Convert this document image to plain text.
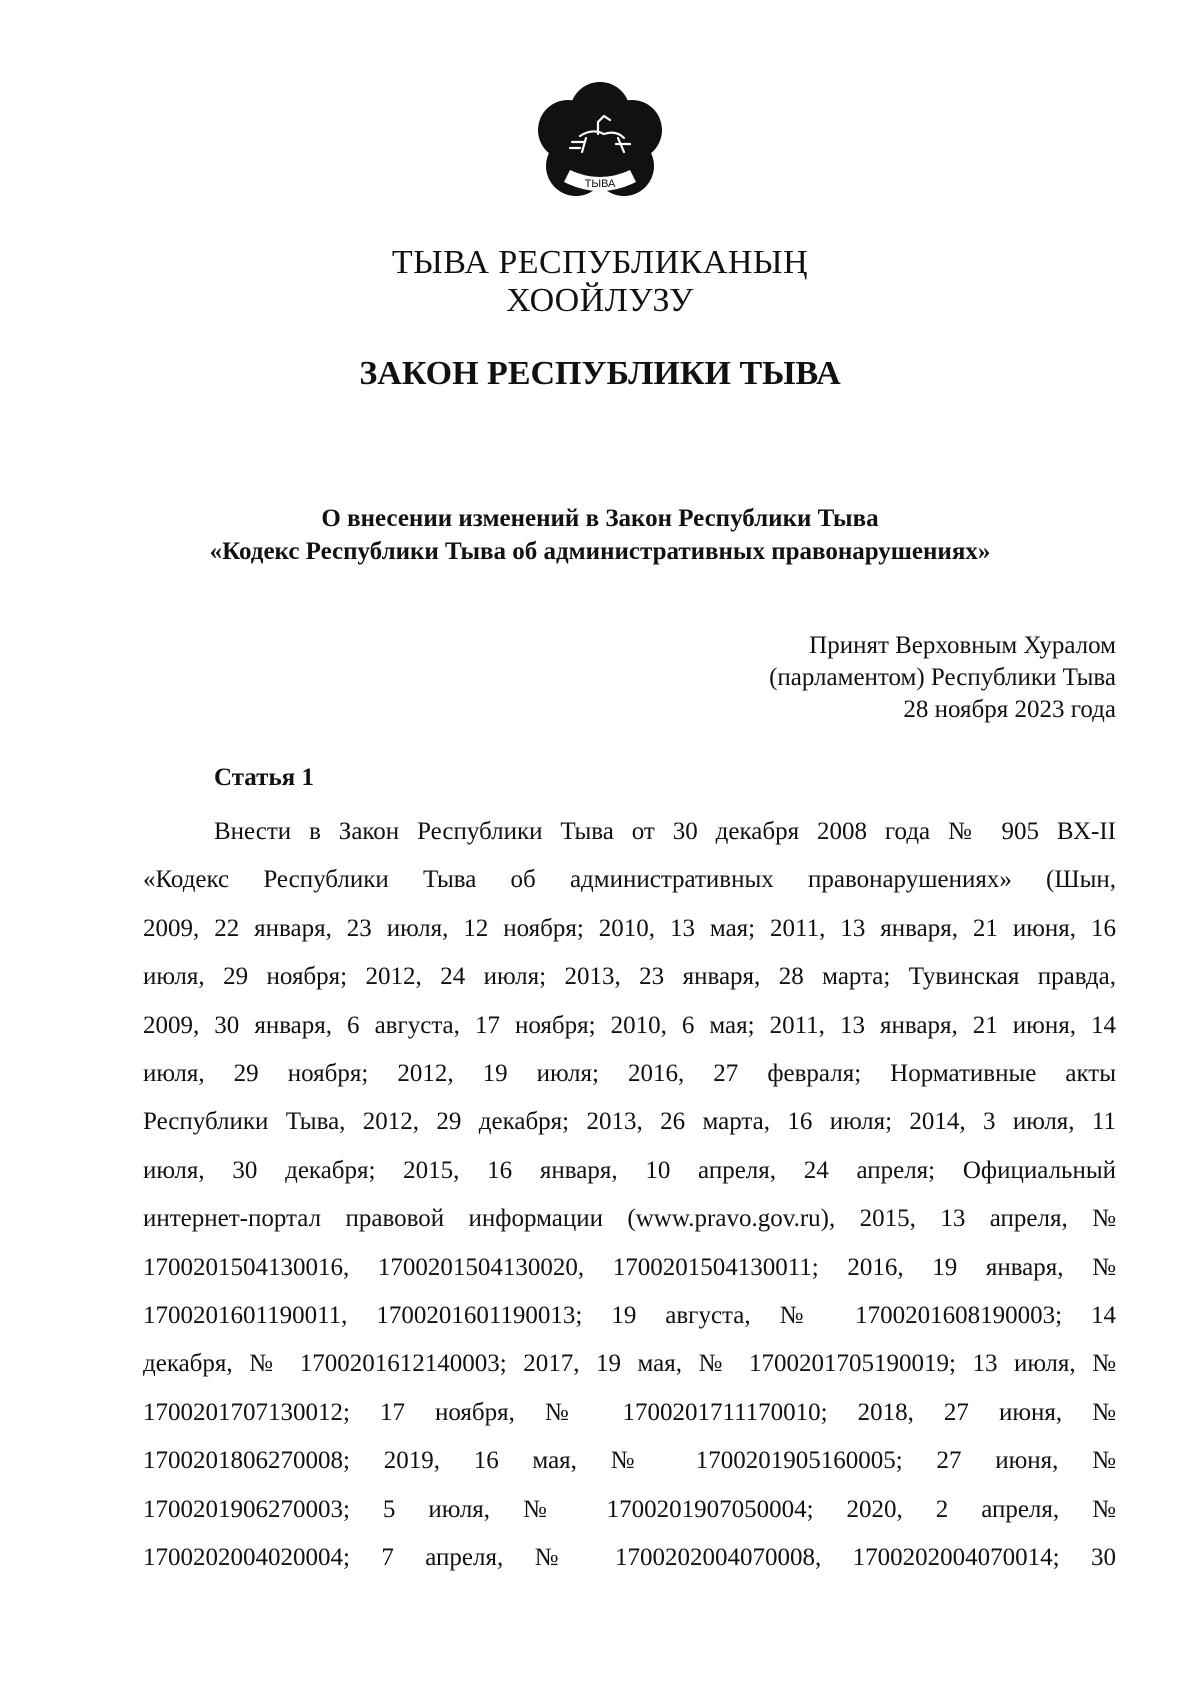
ТЫВА
ТЫВА РЕСПУБЛИКАНЫҢ
ХООЙЛУЗУ
ЗАКОН РЕСПУБЛИКИ ТЫВА
О внесении изменений в Закон Республики Тыва
«Кодекс Республики Тыва об административных правонарушениях»
Принят Верховным Хуралом
(парламентом) Республики Тыва
28 ноября 2023 года
Статья 1
Внести в Закон Республики Тыва от 30 декабря 2008 года № 905 ВХ-II
«Кодекс Республики Тыва об административных правонарушениях» (Шын,
2009, 22 января, 23 июля, 12 ноября; 2010, 13 мая; 2011, 13 января, 21 июня, 16
июля, 29 ноября; 2012, 24 июля; 2013, 23 января, 28 марта; Тувинская правда,
2009, 30 января, 6 августа, 17 ноября; 2010, 6 мая; 2011, 13 января, 21 июня, 14
июля, 29 ноября; 2012, 19 июля; 2016, 27 февраля; Нормативные акты
Республики Тыва, 2012, 29 декабря; 2013, 26 марта, 16 июля; 2014, 3 июля, 11
июля, 30 декабря; 2015, 16 января, 10 апреля, 24 апреля; Официальный
интернет-портал правовой информации (www.pravo.gov.ru), 2015, 13 апреля, №
1700201504130016, 1700201504130020, 1700201504130011; 2016, 19 января, №
1700201601190011, 1700201601190013; 19 августа, № 1700201608190003; 14
декабря, № 1700201612140003; 2017, 19 мая, № 1700201705190019; 13 июля, №
1700201707130012; 17 ноября, № 1700201711170010; 2018, 27 июня, №
1700201806270008; 2019, 16 мая, № 1700201905160005; 27 июня, №
1700201906270003; 5 июля, № 1700201907050004; 2020, 2 апреля, №
1700202004020004; 7 апреля, № 1700202004070008, 1700202004070014; 30
